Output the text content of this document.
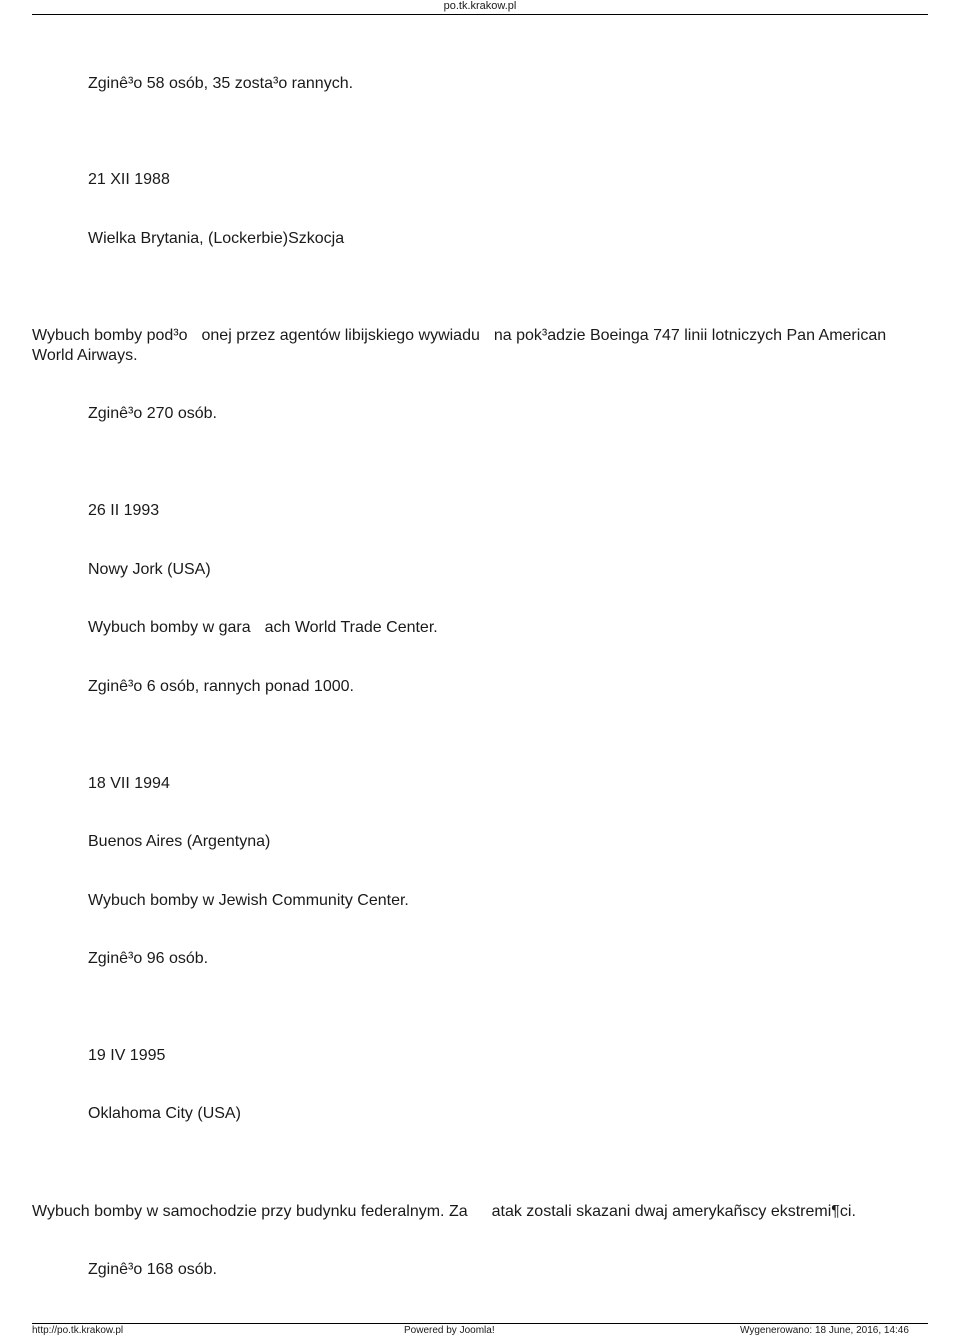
po.tk.krakow.pl
Zginê³o 58 osób, 35 zosta³o rannych.
21 XII 1988
Wielka Brytania, (Lockerbie)Szkocja
Wybuch bomby pod³o onej przez agentów libijskiego wywiadu na pok³adzie Boeinga 747 linii lotniczych Pan American
World Airways.
Zginê³o 270 osób.
26 II 1993
Nowy Jork (USA)
Wybuch bomby w gara ach World Trade Center.
Zginê³o 6 osób, rannych ponad 1000.
18 VII 1994
Buenos Aires (Argentyna)
Wybuch bomby w Jewish Community Center.
Zginê³o 96 osób.
19 IV 1995
Oklahoma City (USA)
Wybuch bomby w samochodzie przy budynku federalnym. Za atak zostali skazani dwaj amerykañscy ekstremi¶ci.
Zginê³o 168 osób.
http://po.tk.krakow.pl	Powered by Joomla!	Wygenerowano: 18 June, 2016, 14:46
